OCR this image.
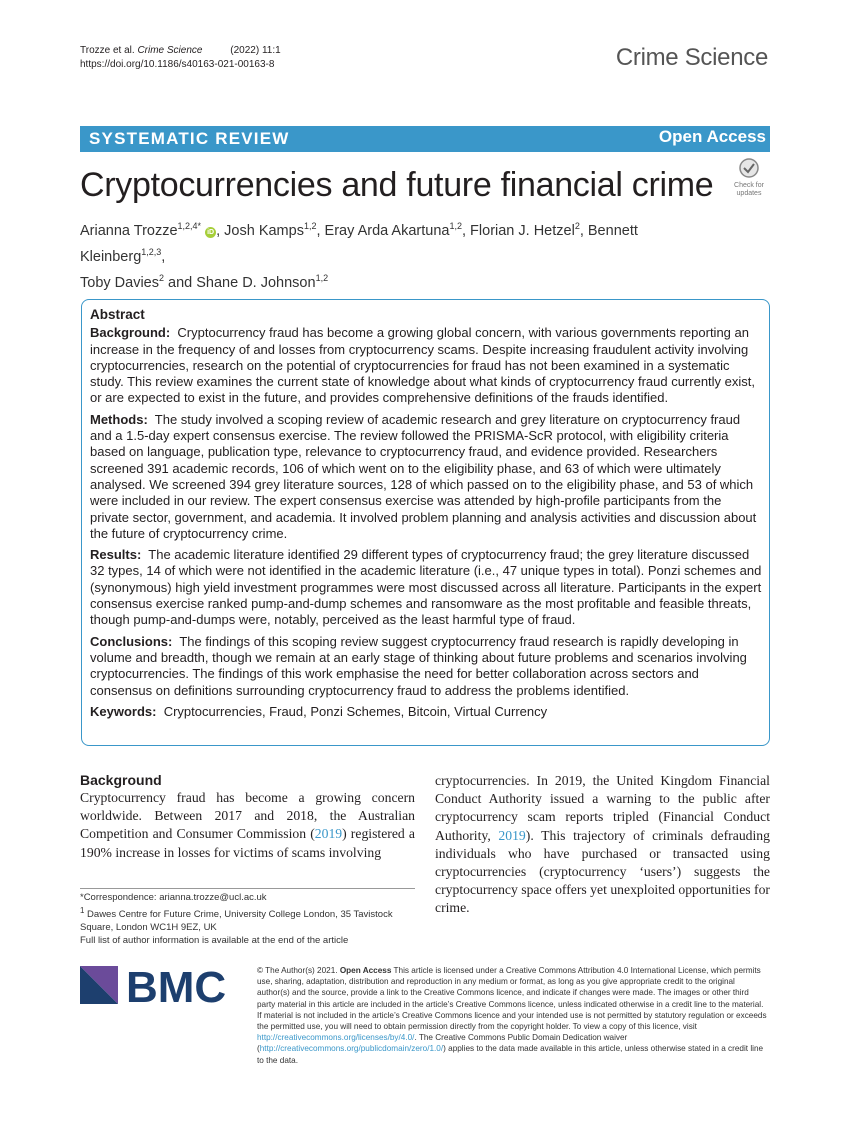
Trozze et al. Crime Science	(2022) 11:1
https://doi.org/10.1186/s40163-021-00163-8	Crime Science
SYSTEMATIC REVIEW	Open Access
Cryptocurrencies and future financial crime	Check for
updates
Arianna Trozze$^{1,2,4*}$ iD , Josh Kamps$^{1,2}$, Eray Arda Akartuna$^{1,2}$, Florian J. Hetzel$^2$, Bennett Kleinberg$^{1,2,3}$,
Toby Davies$^2$ and Shane D. Johnson$^{1,2}$
Abstract

Background: Cryptocurrency fraud has become a growing global concern, with various governments reporting an increase in the frequency of and losses from cryptocurrency scams. Despite increasing fraudulent activity involving cryptocurrencies, research on the potential of cryptocurrencies for fraud has not been examined in a systematic study. This review examines the current state of knowledge about what kinds of cryptocurrency fraud currently exist, or are expected to exist in the future, and provides comprehensive definitions of the frauds identified.

Methods: The study involved a scoping review of academic research and grey literature on cryptocurrency fraud and a 1.5-day expert consensus exercise. The review followed the PRISMA-ScR protocol, with eligibility criteria based on language, publication type, relevance to cryptocurrency fraud, and evidence provided. Researchers screened 391 academic records, 106 of which went on to the eligibility phase, and 63 of which were ultimately analysed. We screened 394 grey literature sources, 128 of which passed on to the eligibility phase, and 53 of which were included in our review. The expert consensus exercise was attended by high-profile participants from the private sector, government, and academia. It involved problem planning and analysis activities and discussion about the future of cryptocurrency crime.

Results: The academic literature identified 29 different types of cryptocurrency fraud; the grey literature discussed 32 types, 14 of which were not identified in the academic literature (i.e., 47 unique types in total). Ponzi schemes and (synonymous) high yield investment programmes were most discussed across all literature. Participants in the expert consensus exercise ranked pump-and-dump schemes and ransomware as the most profitable and feasible threats, though pump-and-dumps were, notably, perceived as the least harmful type of fraud.

Conclusions: The findings of this scoping review suggest cryptocurrency fraud research is rapidly developing in volume and breadth, though we remain at an early stage of thinking about future problems and scenarios involving cryptocurrencies. The findings of this work emphasise the need for better collaboration across sectors and consensus on definitions surrounding cryptocurrency fraud to address the problems identified.

Keywords: Cryptocurrencies, Fraud, Ponzi Schemes, Bitcoin, Virtual Currency

Background
Cryptocurrency fraud has become a growing concern worldwide. Between 2017 and 2018, the Australian Competition and Consumer Commission (2019) registered a 190% increase in losses for victims of scams involving
cryptocurrencies. In 2019, the United Kingdom Financial Conduct Authority issued a warning to the public after cryptocurrency scam reports tripled (Financial Conduct Authority, 2019). This trajectory of criminals defrauding individuals who have purchased or transacted using cryptocurrencies (cryptocurrency ‘users’) suggests the cryptocurrency space offers yet unexploited opportunities for crime.
*Correspondence: arianna.trozze@ucl.ac.uk
$^1$ Dawes Centre for Future Crime, University College London, 35 Tavistock Square, London WC1H 9EZ, UK
Full list of author information is available at the end of the article
BMC	© The Author(s) 2021. Open Access This article is licensed under a Creative Commons Attribution 4.0 International License, which permits use, sharing, adaptation, distribution and reproduction in any medium or format, as long as you give appropriate credit to the original author(s) and the source, provide a link to the Creative Commons licence, and indicate if changes were made. The images or other third party material in this article are included in the article’s Creative Commons licence, unless indicated otherwise in a credit line to the material. If material is not included in the article’s Creative Commons licence and your intended use is not permitted by statutory regulation or exceeds the permitted use, you will need to obtain permission directly from the copyright holder. To view a copy of this licence, visit http://creativecommons.org/licenses/by/4.0/. The Creative Commons Public Domain Dedication waiver (http://creativecommons.org/publicdomain/zero/1.0/) applies to the data made available in this article, unless otherwise stated in a credit line to the data.
